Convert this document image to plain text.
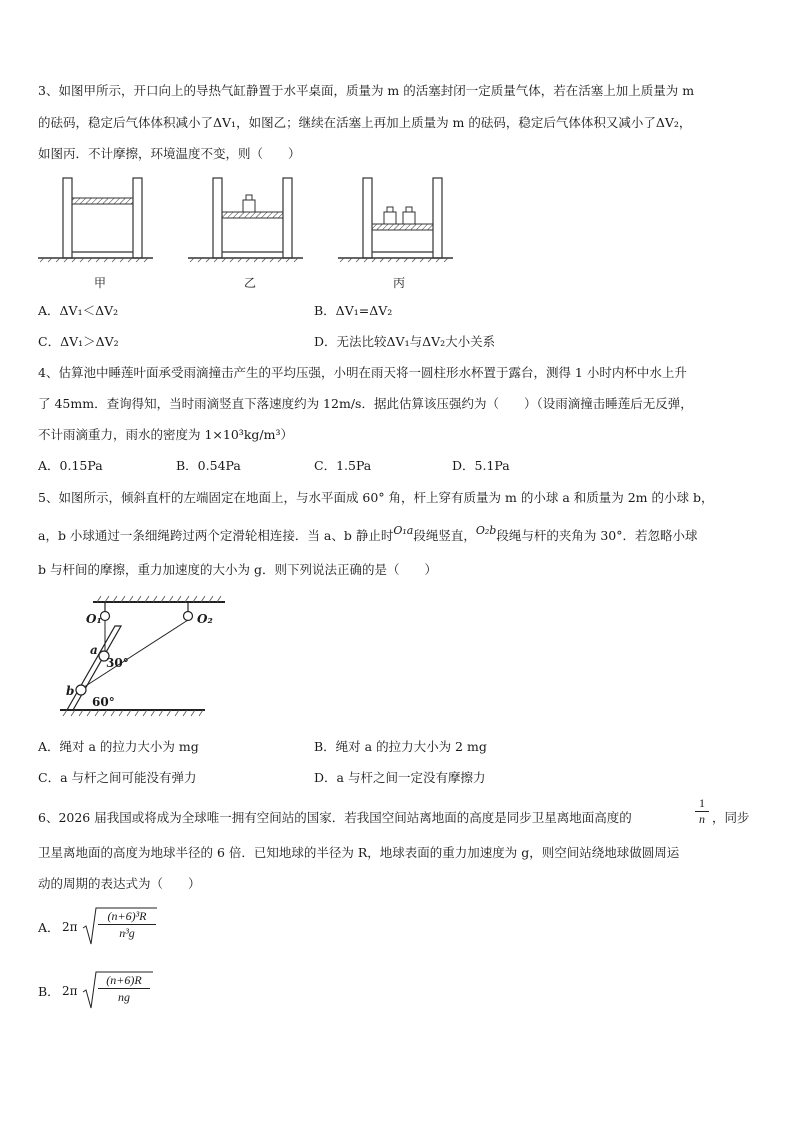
3、如图甲所示，开口向上的导热气缸静置于水平桌面，质量为 m 的活塞封闭一定质量气体，若在活塞上加上质量为 m
的砝码，稳定后气体体积减小了ΔV₁，如图乙；继续在活塞上再加上质量为 m 的砝码，稳定后气体体积又减小了ΔV₂，
如图丙．不计摩擦，环境温度不变，则（　　）
甲	乙	丙
A．ΔV₁＜ΔV₂	B．ΔV₁=ΔV₂
C．ΔV₁＞ΔV₂	D．无法比较ΔV₁与ΔV₂大小关系
4、估算池中睡莲叶面承受雨滴撞击产生的平均压强，小明在雨天将一圆柱形水杯置于露台，测得 1 小时内杯中水上升
了 45mm．查询得知，当时雨滴竖直下落速度约为 12m/s．据此估算该压强约为（　　）（设雨滴撞击睡莲后无反弹，
不计雨滴重力，雨水的密度为 1×10³kg/m³）
A．0.15Pa	B．0.54Pa	C．1.5Pa	D．5.1Pa
5、如图所示，倾斜直杆的左端固定在地面上，与水平面成 60° 角，杆上穿有质量为 m 的小球 a 和质量为 2m 的小球 b，
a，b 小球通过一条细绳跨过两个定滑轮相连接．当 a、b 静止时O₁a段绳竖直，O₂b段绳与杆的夹角为 30°．若忽略小球
b 与杆间的摩擦，重力加速度的大小为 g．则下列说法正确的是（　　）
O₁	O₂
a
b
30°
60°
A．绳对 a 的拉力大小为 mg	B．绳对 a 的拉力大小为 2 mg
C．a 与杆之间可能没有弹力	D．a 与杆之间一定没有摩擦力
6、2026 届我国或将成为全球唯一拥有空间站的国家．若我国空间站离地面的高度是同步卫星离地面高度的	$\frac{1}{n}$ ，同步
卫星离地面的高度为地球半径的 6 倍．已知地球的半径为 R，地球表面的重力加速度为 g，则空间站绕地球做圆周运
动的周期的表达式为（　　）
A． $2\pi \frac{\text{(n+6)³R}}{\text{n³g}}$
B． $2\pi \frac{(n+6)R}{ng}$
